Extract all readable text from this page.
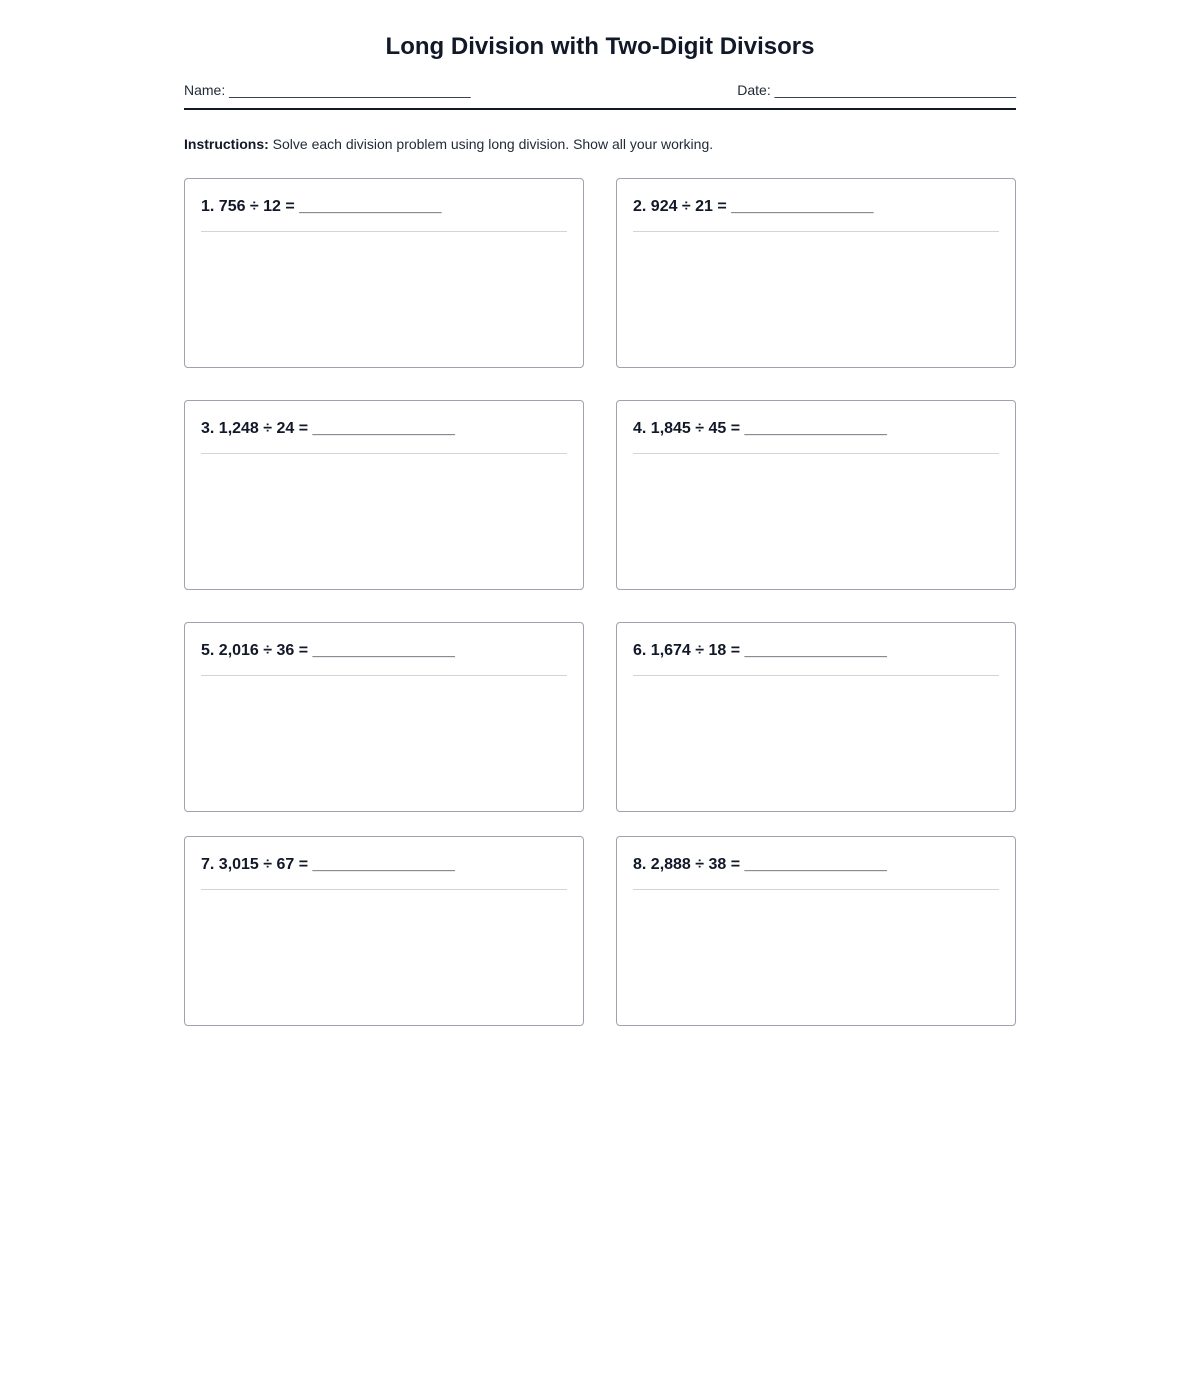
Long Division with Two-Digit Divisors
Name: _______________________________	Date: _______________________________

Instructions: Solve each division problem using long division. Show all your working.

1. 756 ÷ 12 = ________________	2. 924 ÷ 21 = ________________
3. 1,248 ÷ 24 = ________________	4. 1,845 ÷ 45 = ________________
5. 2,016 ÷ 36 = ________________	6. 1,674 ÷ 18 = ________________
7. 3,015 ÷ 67 = ________________	8. 2,888 ÷ 38 = ________________
